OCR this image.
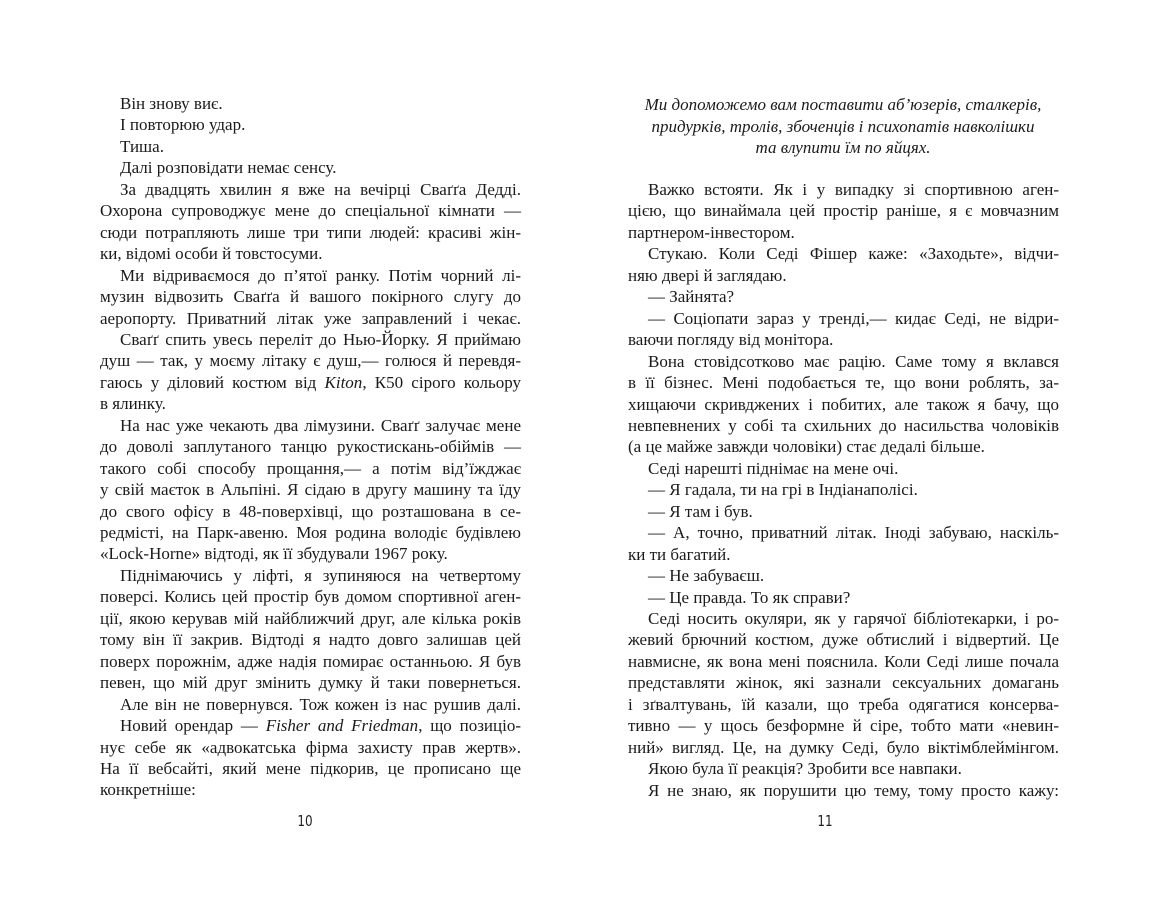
Він знову виє.
І повторюю удар.
Тиша.
Далі розповідати немає сенсу.
За двадцять хвилин я вже на вечірці Сваґґа Дедді.
Охорона супроводжує мене до спеціальної кімнати —
сюди потрапляють лише три типи людей: красиві жін-
ки, відомі особи й товстосуми.
Ми відриваємося до п’ятої ранку. Потім чорний лі-
музин відвозить Сваґґа й вашого покірного слугу до
аеропорту. Приватний літак уже заправлений і чекає.
Сваґґ спить увесь переліт до Нью-Йорку. Я приймаю
душ — так, у моєму літаку є душ,— голюся й перевдя-
гаюсь у діловий костюм від Kiton, К50 сірого кольору
в ялинку.
На нас уже чекають два лімузини. Сваґґ залучає мене
до доволі заплутаного танцю рукостискань-обіймів —
такого собі способу прощання,— а потім від’їжджає
у свій маєток в Альпіні. Я сідаю в другу машину та їду
до свого офісу в 48-поверхівці, що розташована в се-
редмісті, на Парк-авеню. Моя родина володіє будівлею
«Lock-Horne» відтоді, як її збудували 1967 року.
Піднімаючись у ліфті, я зупиняюся на четвертому
поверсі. Колись цей простір був домом спортивної аген-
ції, якою керував мій найближчий друг, але кілька років
тому він її закрив. Відтоді я надто довго залишав цей
поверх порожнім, адже надія помирає останньою. Я був
певен, що мій друг змінить думку й таки повернеться.
Але він не повернувся. Тож кожен із нас рушив далі.
Новий орендар — Fisher and Friedman, що позиціо-
нує себе як «адвокатська фірма захисту прав жертв».
На її вебсайті, який мене підкорив, це прописано ще
конкретніше:
10
Ми допоможемо вам поставити аб’юзерів, сталкерів,
придурків, тролів, збоченців і психопатів навколішки
та влупити їм по яйцях.
Важко встояти. Як і у випадку зі спортивною аген-
цією, що винаймала цей простір раніше, я є мовчазним
партнером-інвестором.
Стукаю. Коли Седі Фішер каже: «Заходьте», відчи-
няю двері й заглядаю.
— Зайнята?
— Соціопати зараз у тренді,— кидає Седі, не відри-
ваючи погляду від монітора.
Вона стовідсотково має рацію. Саме тому я вклався
в її бізнес. Мені подобається те, що вони роблять, за-
хищаючи скривджених і побитих, але також я бачу, що
невпевнених у собі та схильних до насильства чоловіків
(а це майже завжди чоловіки) стає дедалі більше.
Седі нарешті піднімає на мене очі.
— Я гадала, ти на грі в Індіанаполісі.
— Я там і був.
— А, точно, приватний літак. Іноді забуваю, наскіль-
ки ти багатий.
— Не забуваєш.
— Це правда. То як справи?
Седі носить окуляри, як у гарячої бібліотекарки, і ро-
жевий брючний костюм, дуже обтислий і відвертий. Це
навмисне, як вона мені пояснила. Коли Седі лише почала
представляти жінок, які зазнали сексуальних домагань
і зґвалтувань, їй казали, що треба одягатися консерва-
тивно — у щось безформне й сіре, тобто мати «невин-
ний» вигляд. Це, на думку Седі, було віктімблеймінгом.
Якою була її реакція? Зробити все навпаки.
Я не знаю, як порушити цю тему, тому просто кажу:
11
